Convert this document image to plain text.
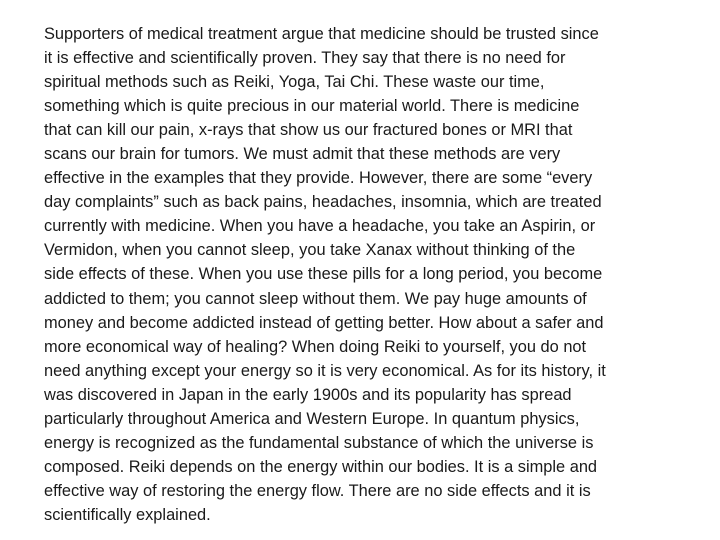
Supporters of medical treatment argue that medicine should be trusted since
it is effective and scientifically proven. They say that there is no need for
spiritual methods such as Reiki, Yoga, Tai Chi. These waste our time,
something which is quite precious in our material world. There is medicine
that can kill our pain, x-rays that show us our fractured bones or MRI that
scans our brain for tumors. We must admit that these methods are very
effective in the examples that they provide. However, there are some “every
day complaints” such as back pains, headaches, insomnia, which are treated
currently with medicine. When you have a headache, you take an Aspirin, or
Vermidon, when you cannot sleep, you take Xanax without thinking of the
side effects of these. When you use these pills for a long period, you become
addicted to them; you cannot sleep without them. We pay huge amounts of
money and become addicted instead of getting better. How about a safer and
more economical way of healing? When doing Reiki to yourself, you do not
need anything except your energy so it is very economical. As for its history, it
was discovered in Japan in the early 1900s and its popularity has spread
particularly throughout America and Western Europe. In quantum physics,
energy is recognized as the fundamental substance of which the universe is
composed. Reiki depends on the energy within our bodies. It is a simple and
effective way of restoring the energy flow. There are no side effects and it is
scientifically explained.
